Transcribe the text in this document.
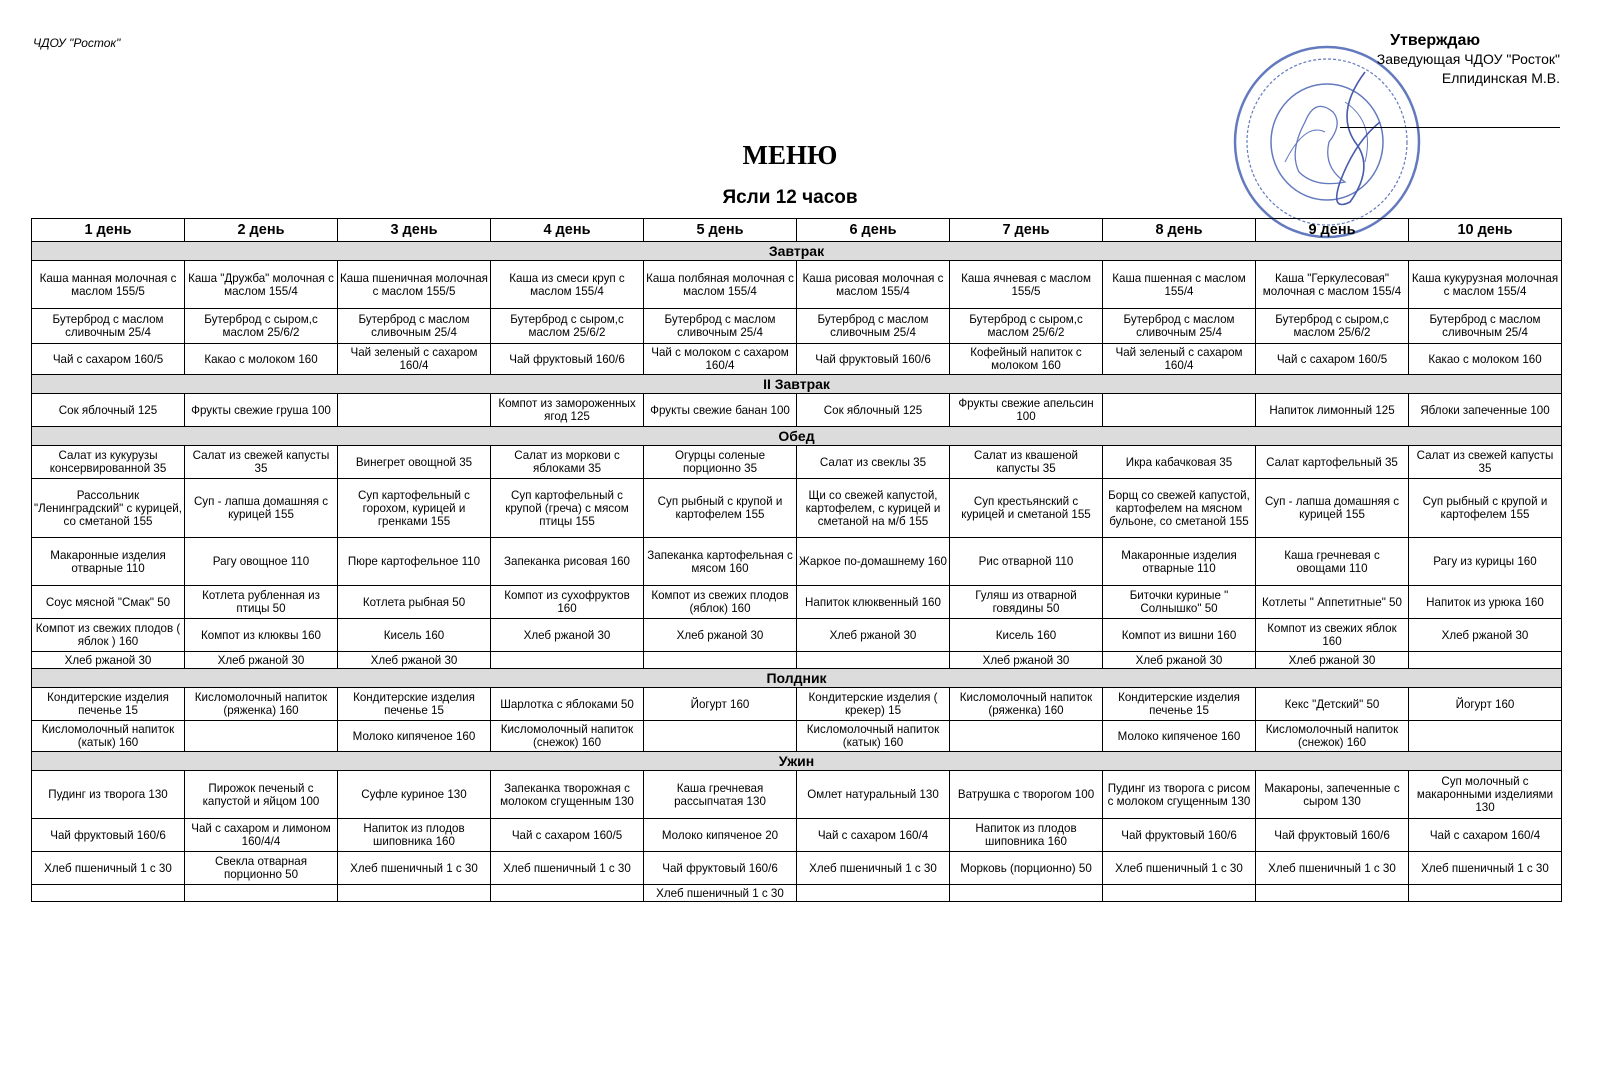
ЧДОУ "Росток"	Утверждаю
Заведующая ЧДОУ "Росток"
Елпидинская М.В.
МЕНЮ
Ясли 12 часов
1 день	2 день	3 день	4 день	5 день	6 день	7 день	8 день	9 день	10 день
Завтрак									
Каша манная молочная с маслом 155/5	Каша "Дружба" молочная с маслом 155/4	Каша пшеничная молочная с маслом 155/5	Каша из смеси круп с маслом 155/4	Каша полбяная молочная с маслом 155/4	Каша рисовая молочная с маслом 155/4	Каша ячневая с маслом 155/5	Каша пшенная с маслом 155/4	Каша "Геркулесовая" молочная с маслом 155/4	Каша кукурузная молочная с маслом 155/4
Бутерброд с маслом сливочным 25/4	Бутерброд с сыром,с маслом 25/6/2	Бутерброд с маслом сливочным 25/4	Бутерброд с сыром,с маслом 25/6/2	Бутерброд с маслом сливочным 25/4	Бутерброд с маслом сливочным 25/4	Бутерброд с сыром,с маслом 25/6/2	Бутерброд с маслом сливочным 25/4	Бутерброд с сыром,с маслом 25/6/2	Бутерброд с маслом сливочным 25/4
Чай с сахаром 160/5	Какао с молоком 160	Чай зеленый с сахаром 160/4	Чай фруктовый 160/6	Чай с молоком с сахаром 160/4	Чай фруктовый 160/6	Кофейный напиток с молоком 160	Чай зеленый с сахаром 160/4	Чай с сахаром 160/5	Какао с молоком 160
II Завтрак									
Сок яблочный 125	Фрукты свежие груша 100		Компот из замороженных ягод 125	Фрукты свежие банан 100	Сок яблочный 125	Фрукты свежие апельсин 100		Напиток лимонный 125	Яблоки запеченные 100
Обед									
Салат из кукурузы консервированной 35	Салат из свежей капусты 35	Винегрет овощной 35	Салат из моркови с яблоками 35	Огурцы соленые порционно 35	Салат из свеклы 35	Салат из квашеной капусты 35	Икра кабачковая 35	Салат картофельный 35	Салат из свежей капусты 35
Рассольник "Ленинградский" с курицей, со сметаной 155	Суп - лапша домашняя с курицей 155	Суп картофельный с горохом, курицей и гренками 155	Суп картофельный с крупой (греча) с мясом птицы 155	Суп рыбный с крупой и картофелем 155	Щи со свежей капустой, картофелем, с курицей и сметаной на м/б 155	Суп крестьянский с курицей и сметаной 155	Борщ со свежей капустой, картофелем на мясном бульоне, со сметаной 155	Суп - лапша домашняя с курицей 155	Суп рыбный с крупой и картофелем 155
Макаронные изделия отварные 110	Рагу овощное 110	Пюре картофельное 110	Запеканка рисовая 160	Запеканка картофельная с мясом 160	Жаркое по-домашнему 160	Рис отварной 110	Макаронные изделия отварные 110	Каша гречневая с овощами 110	Рагу из курицы 160
Соус мясной "Смак" 50	Котлета рубленная из птицы 50	Котлета рыбная 50	Компот из сухофруктов 160	Компот из свежих плодов (яблок) 160	Напиток клюквенный 160	Гуляш из отварной говядины 50	Биточки куриные " Солнышко" 50	Котлеты " Аппетитные" 50	Напиток из урюка 160
Компот из свежих плодов ( яблок ) 160	Компот из клюквы 160	Кисель 160	Хлеб ржаной 30	Хлеб ржаной 30	Хлеб ржаной 30	Кисель 160	Компот из вишни 160	Компот из свежих яблок 160	Хлеб ржаной 30
Хлеб ржаной 30	Хлеб ржаной 30	Хлеб ржаной 30				Хлеб ржаной 30	Хлеб ржаной 30	Хлеб ржаной 30	
Полдник									
Кондитерские изделия печенье 15	Кисломолочный напиток (ряженка) 160	Кондитерские изделия печенье 15	Шарлотка с яблоками 50	Йогурт 160	Кондитерские изделия ( крекер) 15	Кисломолочный напиток (ряженка) 160	Кондитерские изделия печенье 15	Кекс "Детский" 50	Йогурт 160
Кисломолочный напиток (катык) 160		Молоко кипяченое 160	Кисломолочный напиток (снежок) 160		Кисломолочный напиток (катык) 160		Молоко кипяченое 160	Кисломолочный напиток (снежок) 160	
Ужин									
Пудинг из творога 130	Пирожок печеный с капустой и яйцом 100	Суфле куриное 130	Запеканка творожная с молоком сгущенным 130	Каша гречневая рассыпчатая 130	Омлет натуральный 130	Ватрушка с творогом 100	Пудинг из творога с рисом с молоком сгущенным 130	Макароны, запеченные с сыром 130	Суп молочный с макаронными изделиями 130
Чай фруктовый 160/6	Чай с сахаром и лимоном 160/4/4	Напиток из плодов шиповника 160	Чай с сахаром 160/5	Молоко кипяченое 20	Чай с сахаром 160/4	Напиток из плодов шиповника 160	Чай фруктовый 160/6	Чай фруктовый 160/6	Чай с сахаром 160/4
Хлеб пшеничный 1 с 30	Свекла отварная порционно 50	Хлеб пшеничный 1 с 30	Хлеб пшеничный 1 с 30	Чай фруктовый 160/6	Хлеб пшеничный 1 с 30	Морковь (порционно) 50	Хлеб пшеничный 1 с 30	Хлеб пшеничный 1 с 30	Хлеб пшеничный 1 с 30
				Хлеб пшеничный 1 с 30					
